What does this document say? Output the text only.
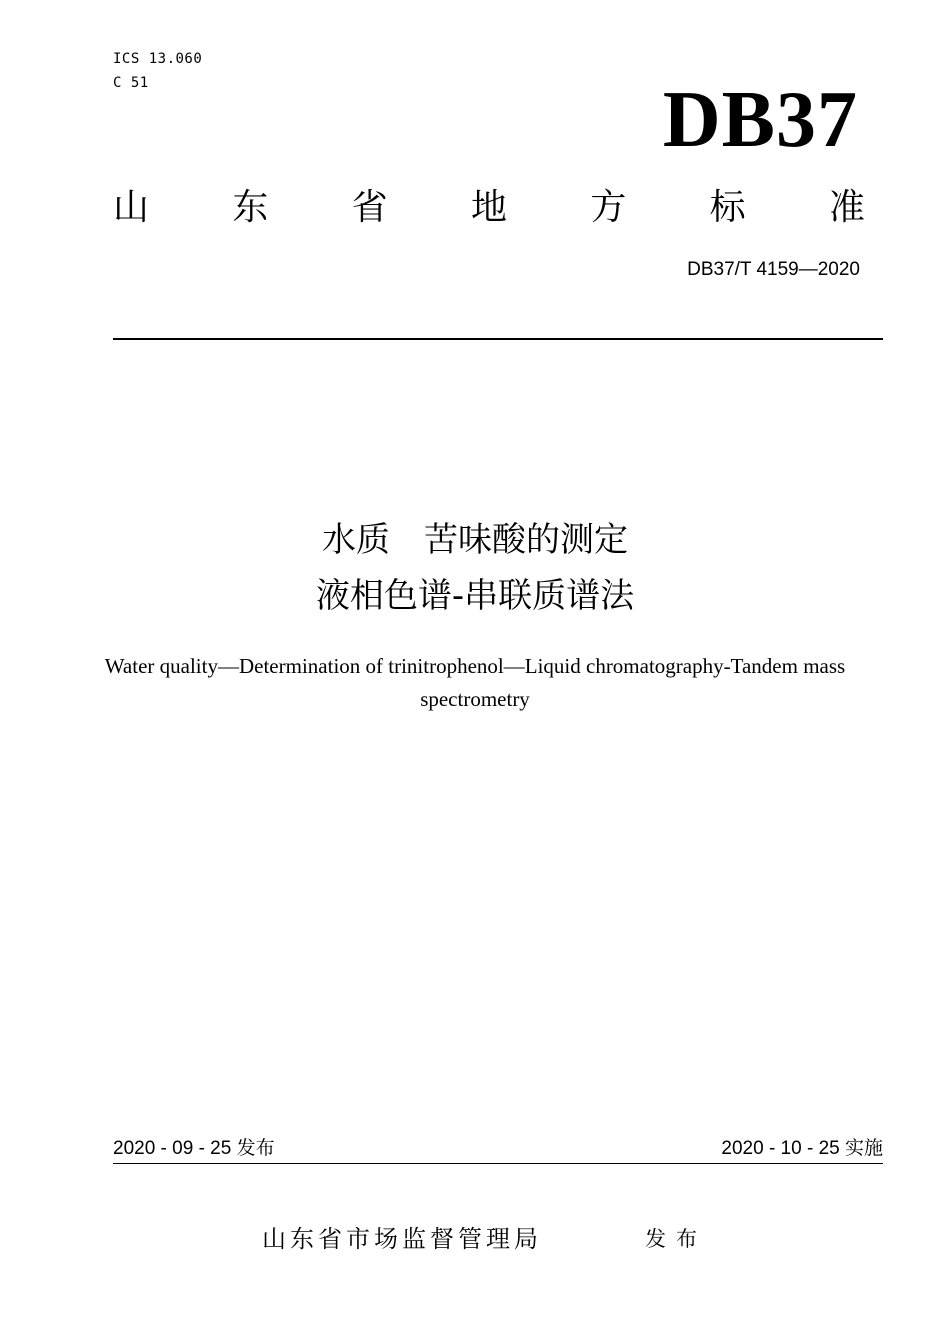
ICS 13.060
C 51	DB37
山 东 省 地 方 标 准
DB37/T 4159—2020
水质　苦味酸的测定
液相色谱-串联质谱法
Water quality—Determination of trinitrophenol—Liquid chromatography-Tandem mass spectrometry
2020 - 09 - 25 发布	2020 - 10 - 25 实施
山东省市场监督管理局	发布
